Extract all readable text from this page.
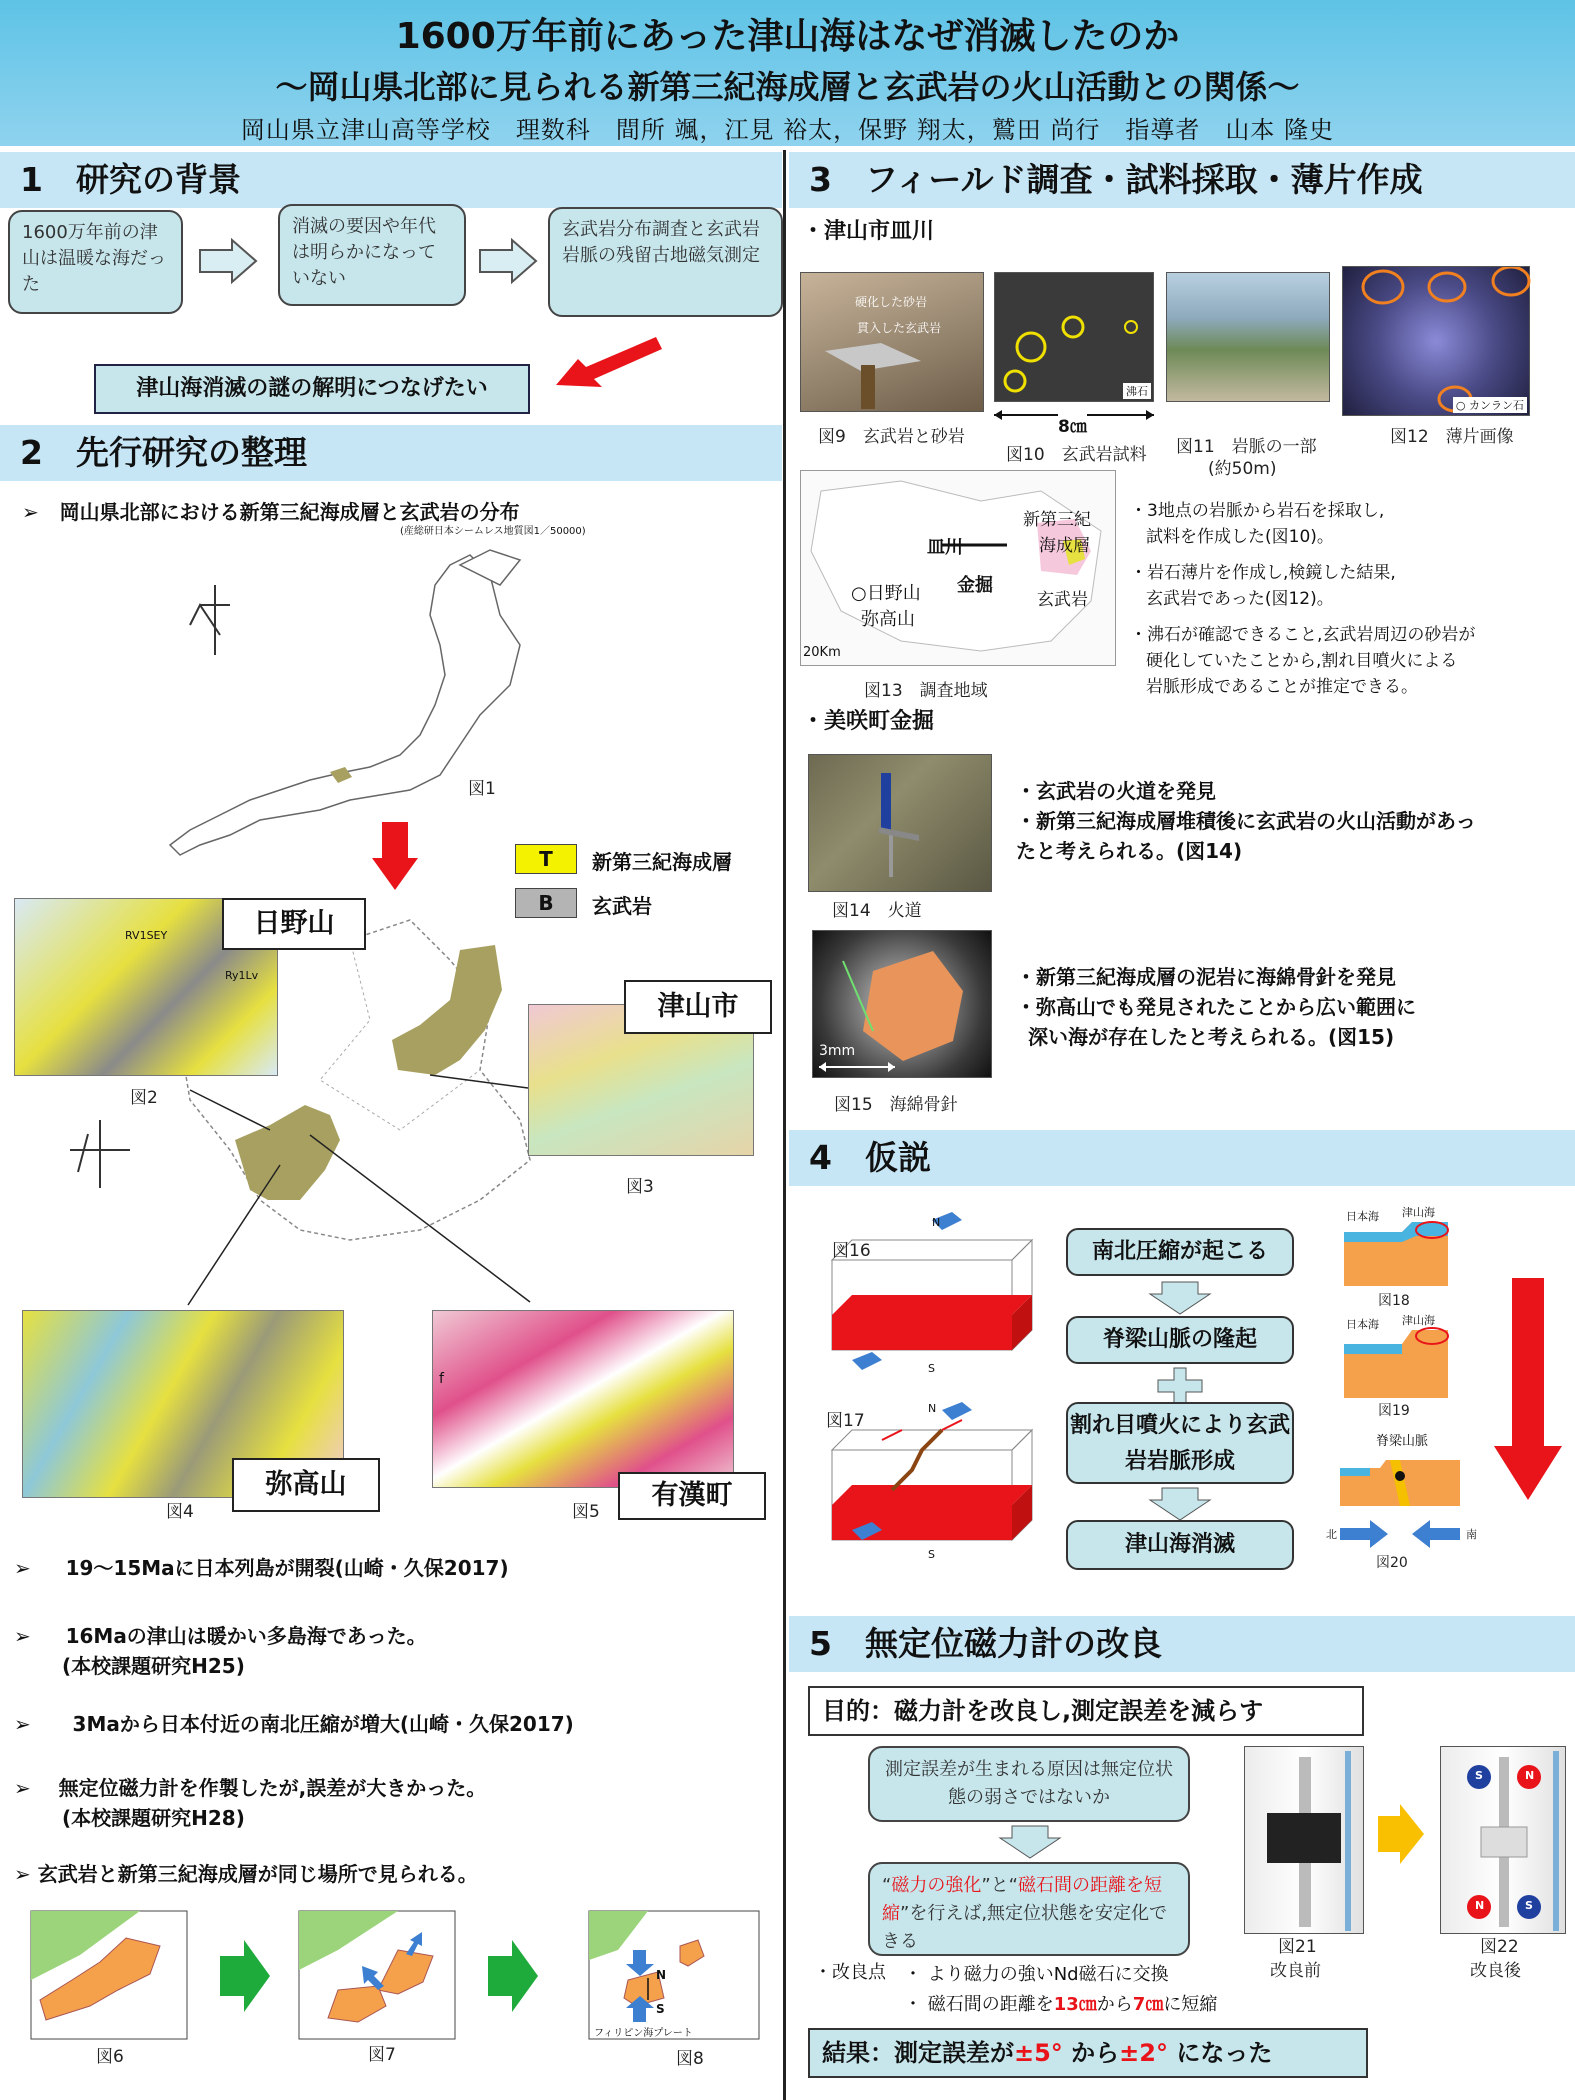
1600万年前にあった津山海はなぜ消滅したのか
～岡山県北部に見られる新第三紀海成層と玄武岩の火山活動との関係～
岡山県立津山高等学校　理数科　間所 颯，江見 裕太，保野 翔太，鷲田 尚行　指導者　山本 隆史
1　研究の背景
1600万年前の津山は温暖な海だった
消滅の要因や年代は明らかになっていない
玄武岩分布調査と玄武岩岩脈の残留古地磁気測定
津山海消滅の謎の解明につなげたい
2　先行研究の整理
➢   岡山県北部における新第三紀海成層と玄武岩の分布
(産総研日本シームレス地質図1／50000)
図1
T	新第三紀海成層
B	玄武岩
RV1SEY
Ry1Lv
日野山
図2
津山市
図3
弥高山
図4
f
有漢町
図5
➢     19～15Maに日本列島が開裂(山崎・久保2017)
➢     16Maの津山は暖かい多島海であった。
(本校課題研究H25)
➢      3Maから日本付近の南北圧縮が増大(山崎・久保2017)
➢    無定位磁力計を作製したが,誤差が大きかった。
(本校課題研究H28)
➢ 玄武岩と新第三紀海成層が同じ場所で見られる。
図6	図7
N
S
フィリピン海プレート
図8
3　フィールド調査・試料採取・薄片作成
・津山市皿川
硬化した砂岩
貫入した玄武岩
図9　玄武岩と砂岩
沸石
8㎝
図10　玄武岩試料 図11　岩脈の一部
(約50m)
○ カンラン石
図12　薄片画像
皿川
金掘
○日野山
弥高山
新第三紀
海成層
玄武岩
20Km
図13　調査地域
・3地点の岩脈から岩石を採取し,
試料を作成した(図10)。
・岩石薄片を作成し,検鏡した結果,
玄武岩であった(図12)。
・沸石が確認できること,玄武岩周辺の砂岩が
硬化していたことから,割れ目噴火による
岩脈形成であることが推定できる。
・美咲町金掘
図14　火道
・玄武岩の火道を発見
・新第三紀海成層堆積後に玄武岩の火山活動があっ
たと考えられる。(図14)
3mm
図15　海綿骨針
・新第三紀海成層の泥岩に海綿骨針を発見
・弥高山でも発見されたことから広い範囲に
深い海が存在したと考えられる。(図15)
4　仮説
図16
N
S
図17
N
S
南北圧縮が起こる
脊梁山脈の隆起
割れ目噴火により玄武岩岩脈形成
津山海消滅
日本海 津山海
図18
日本海 津山海
図19
脊梁山脈
北	南
図20
5　無定位磁力計の改良
目的：磁力計を改良し,測定誤差を減らす
測定誤差が生まれる原因は無定位状態の弱さではないか
“磁力の強化”と“磁石間の距離を短縮”を行えば,無定位状態を安定化できる
・改良点 ・ より磁力の強いNd磁石に交換
・ 磁石間の距離を13㎝から7㎝に短縮
図21
改良前
S	N
N	S
図22
改良後
結果：測定誤差が±5° から±2° になった
